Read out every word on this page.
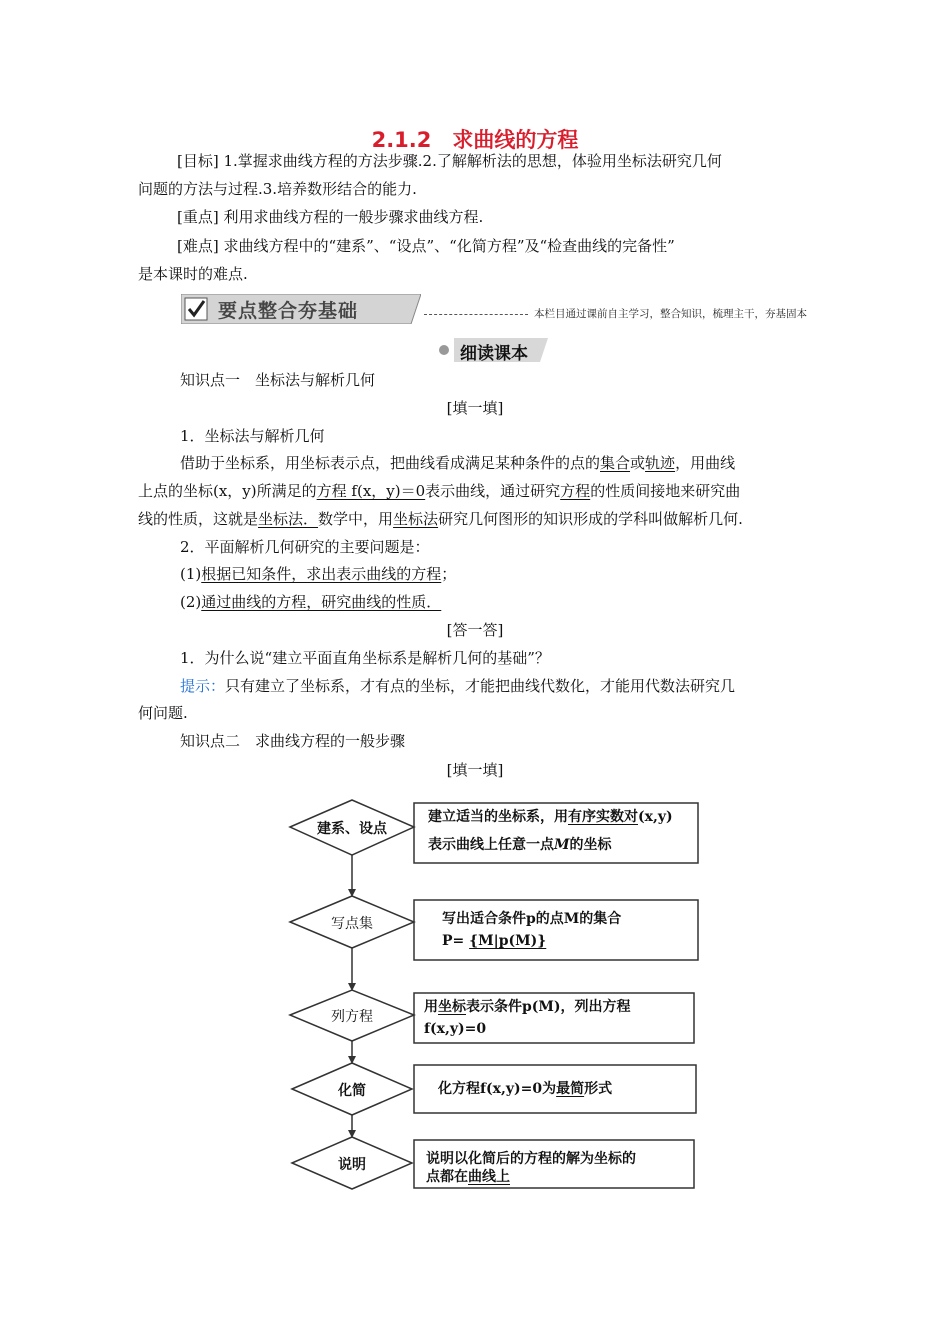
2.1.2　求曲线的方程
[目标] 1.掌握求曲线方程的方法步骤.2.了解解析法的思想，体验用坐标法研究几何
问题的方法与过程.3.培养数形结合的能力.
[重点] 利用求曲线方程的一般步骤求曲线方程.
[难点] 求曲线方程中的“建系”、“设点”、“化简方程”及“检查曲线的完备性”
是本课时的难点.
要点整合夯基础	本栏目通过课前自主学习，整合知识，梳理主干，夯基固本
细读课本
知识点一　坐标法与解析几何
[填一填]
1．坐标法与解析几何
借助于坐标系，用坐标表示点，把曲线看成满足某种条件的点的集合或轨迹，用曲线
上点的坐标(x，y)所满足的方程 f(x，y)＝0表示曲线，通过研究方程的性质间接地来研究曲
线的性质，这就是坐标法．数学中，用坐标法研究几何图形的知识形成的学科叫做解析几何.
2．平面解析几何研究的主要问题是：
(1)根据已知条件，求出表示曲线的方程；
(2)通过曲线的方程，研究曲线的性质．
[答一答]
1．为什么说“建立平面直角坐标系是解析几何的基础”？
提示：只有建立了坐标系，才有点的坐标，才能把曲线代数化，才能用代数法研究几
何问题.
知识点二　求曲线方程的一般步骤
[填一填]
建系、设点
写点集
列方程
化简
说明
建立适当的坐标系，用有序实数对(x,y)
表示曲线上任意一点M的坐标
写出适合条件p的点M的集合
P= {M|p(M)}
用坐标表示条件p(M)，列出方程
f(x,y)=0
化方程f(x,y)=0为最简形式
说明以化简后的方程的解为坐标的
点都在曲线上
